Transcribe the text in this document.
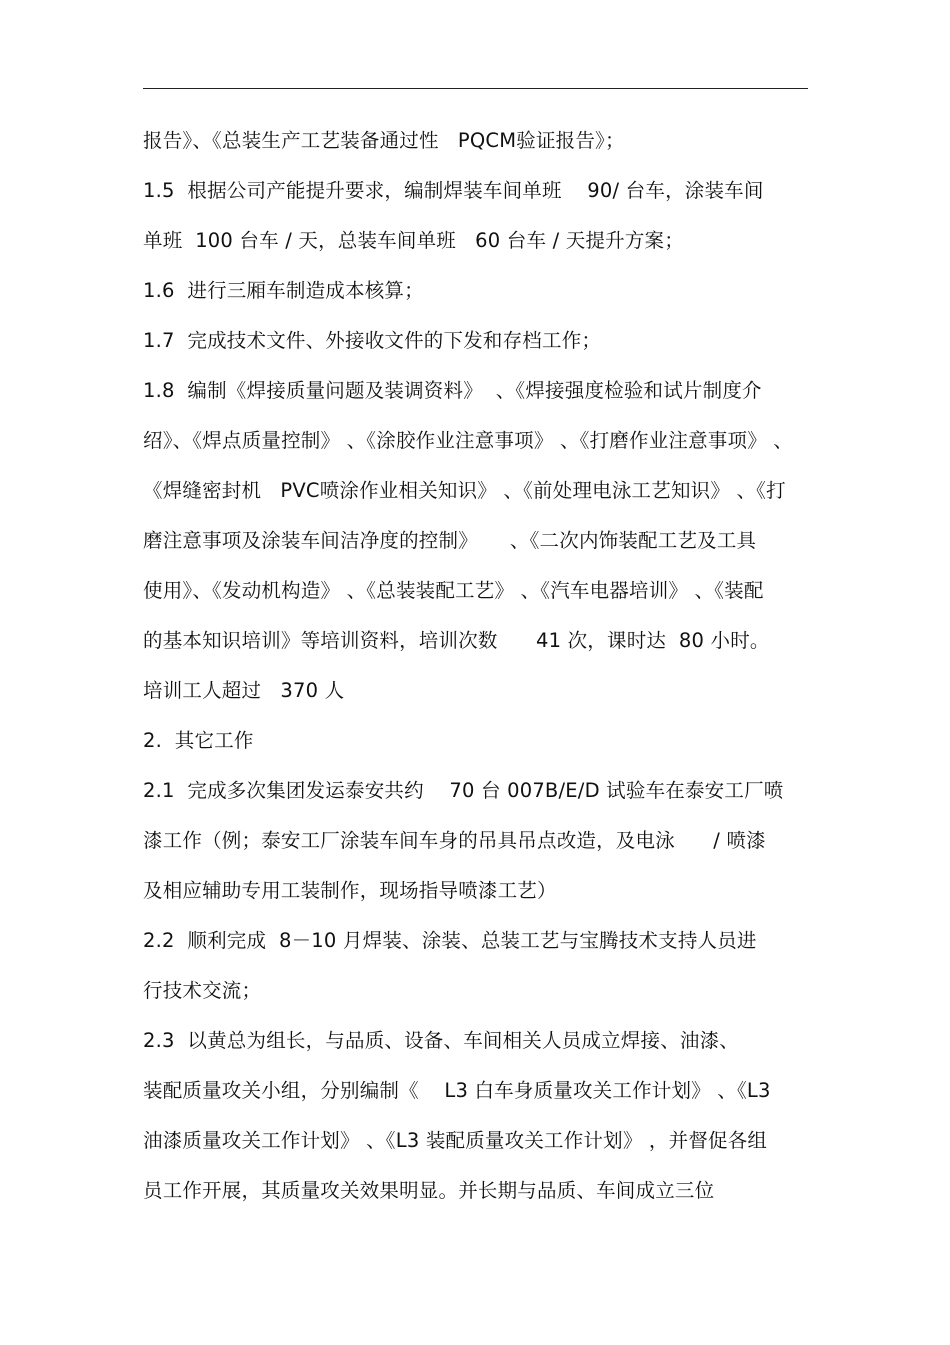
报告》、《总装生产工艺装备通过性   PQCM验证报告》；
1.5  根据公司产能提升要求，编制焊装车间单班    90/ 台车，涂装车间
单班  100 台车 / 天，总装车间单班   60 台车 / 天提升方案；
1.6  进行三厢车制造成本核算；
1.7  完成技术文件、外接收文件的下发和存档工作；
1.8  编制《焊接质量问题及装调资料》  、《焊接强度检验和试片制度介
绍》、《焊点质量控制》 、《涂胶作业注意事项》 、《打磨作业注意事项》 、
《焊缝密封机   PVC喷涂作业相关知识》 、《前处理电泳工艺知识》 、《打
磨注意事项及涂装车间洁净度的控制》     、《二次内饰装配工艺及工具
使用》、《发动机构造》 、《总装装配工艺》 、《汽车电器培训》 、《装配
的基本知识培训》等培训资料，培训次数      41 次，课时达  80 小时。
培训工人超过   370 人
2.  其它工作
2.1  完成多次集团发运泰安共约    70 台 007B/E/D 试验车在泰安工厂喷
漆工作（例；泰安工厂涂装车间车身的吊具吊点改造，及电泳      / 喷漆
及相应辅助专用工装制作，现场指导喷漆工艺）
2.2  顺利完成  8－10 月焊装、涂装、总装工艺与宝腾技术支持人员进
行技术交流；
2.3  以黄总为组长，与品质、设备、车间相关人员成立焊接、油漆、
装配质量攻关小组，分别编制《    L3 白车身质量攻关工作计划》 、《L3
油漆质量攻关工作计划》 、《L3 装配质量攻关工作计划》 ，并督促各组
员工作开展，其质量攻关效果明显。并长期与品质、车间成立三位
